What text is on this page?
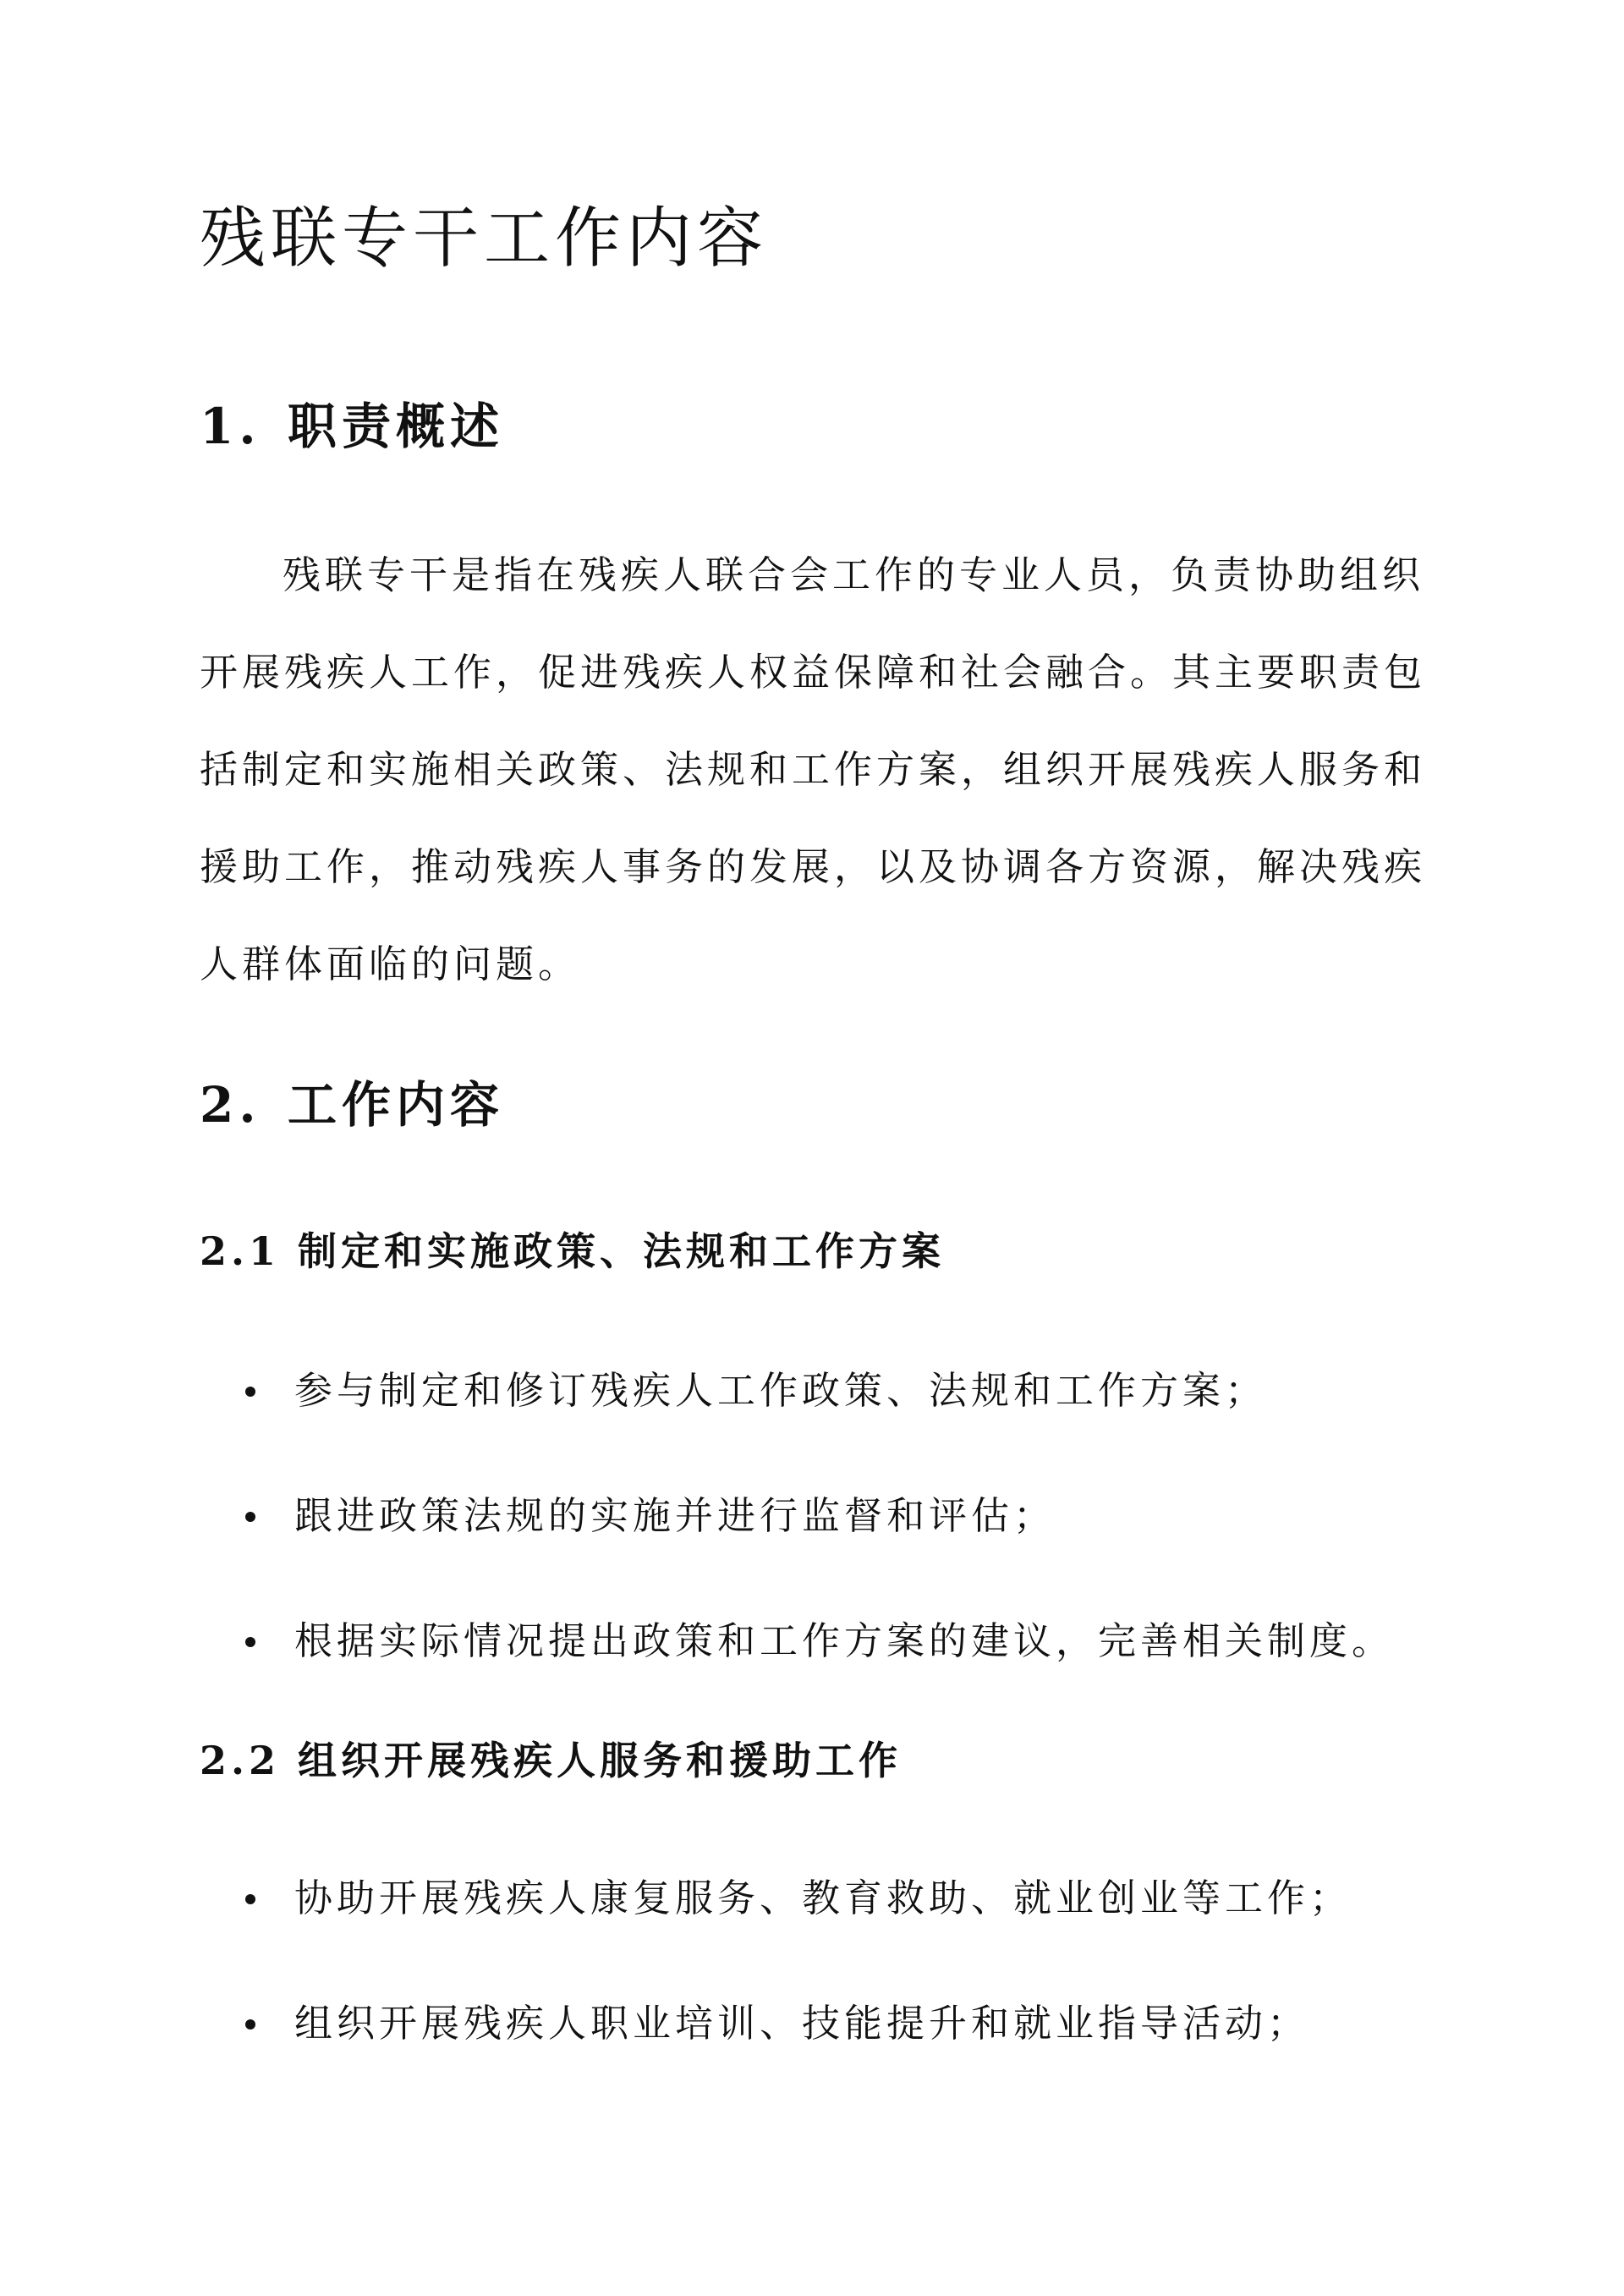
残联专干工作内容
1. 职责概述
残联专干是指在残疾人联合会工作的专业人员，负责协助组织
开展残疾人工作，促进残疾人权益保障和社会融合。其主要职责包
括制定和实施相关政策、法规和工作方案，组织开展残疾人服务和
援助工作，推动残疾人事务的发展，以及协调各方资源，解决残疾
人群体面临的问题。
2. 工作内容
2.1 制定和实施政策、法规和工作方案

参与制定和修订残疾人工作政策、法规和工作方案；

跟进政策法规的实施并进行监督和评估；

根据实际情况提出政策和工作方案的建议，完善相关制度。

2.2 组织开展残疾人服务和援助工作

协助开展残疾人康复服务、教育救助、就业创业等工作；

组织开展残疾人职业培训、技能提升和就业指导活动；
